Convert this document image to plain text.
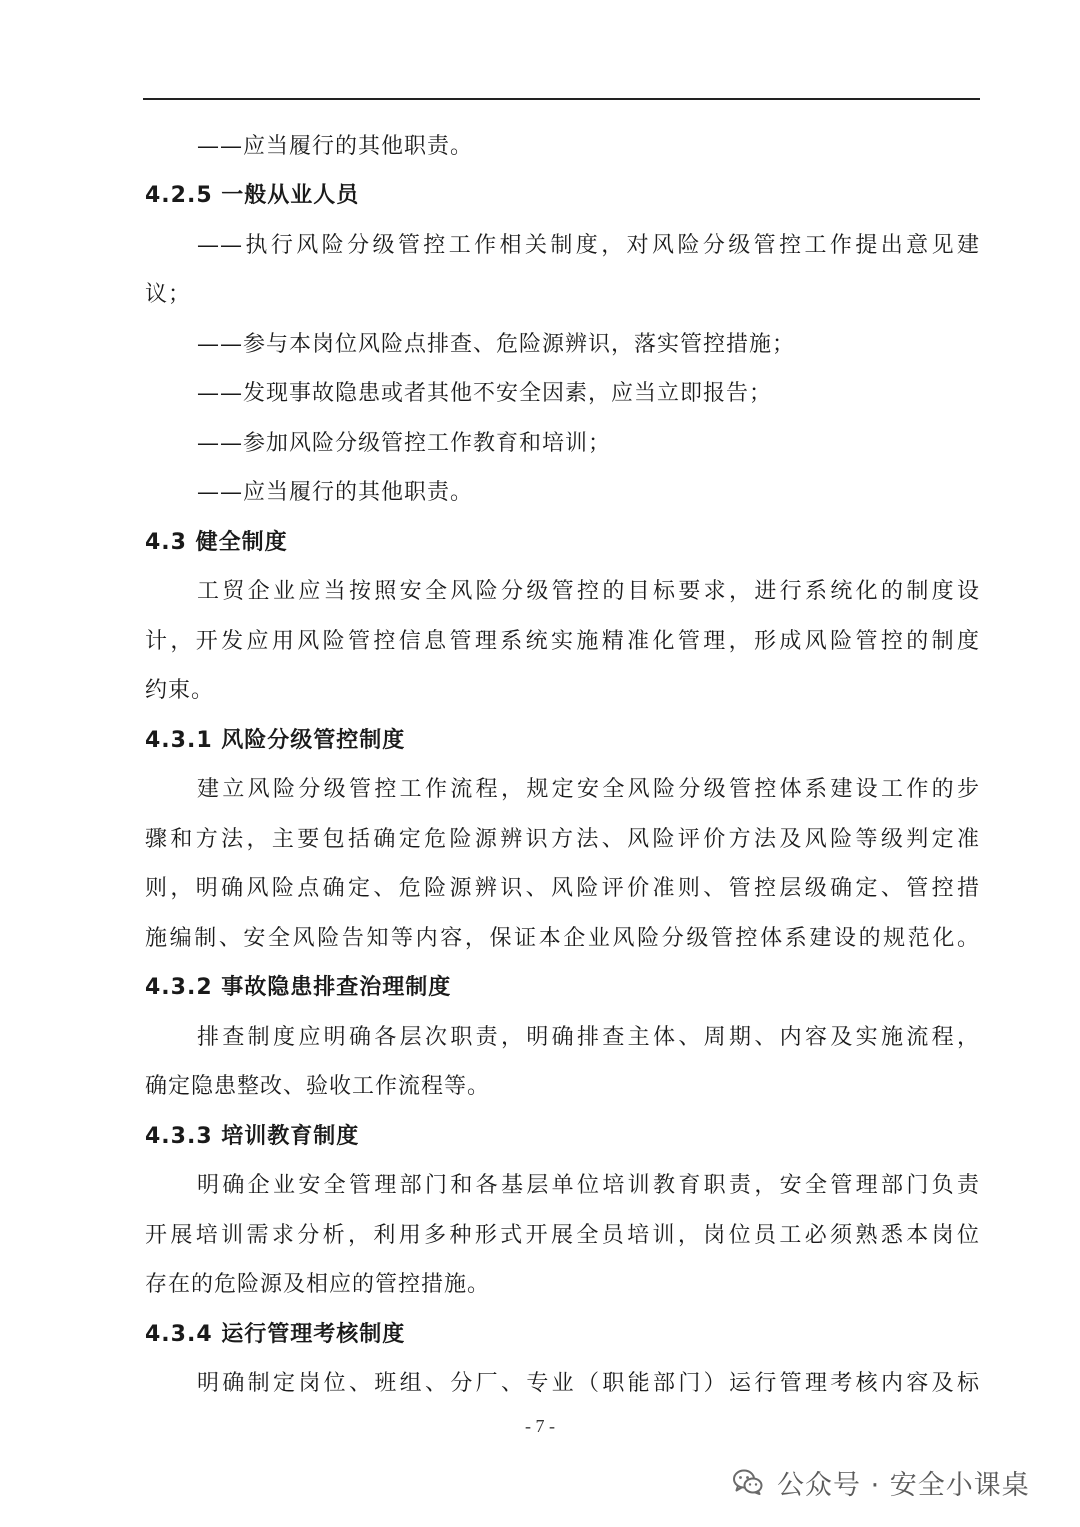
——应当履行的其他职责。
4.2.5 一般从业人员
——执行风险分级管控工作相关制度，对风险分级管控工作提出意见建
议；
——参与本岗位风险点排查、危险源辨识，落实管控措施；
——发现事故隐患或者其他不安全因素，应当立即报告；
——参加风险分级管控工作教育和培训；
——应当履行的其他职责。
4.3 健全制度
工贸企业应当按照安全风险分级管控的目标要求，进行系统化的制度设
计，开发应用风险管控信息管理系统实施精准化管理，形成风险管控的制度
约束。
4.3.1 风险分级管控制度
建立风险分级管控工作流程，规定安全风险分级管控体系建设工作的步
骤和方法，主要包括确定危险源辨识方法、风险评价方法及风险等级判定准
则，明确风险点确定、危险源辨识、风险评价准则、管控层级确定、管控措
施编制、安全风险告知等内容，保证本企业风险分级管控体系建设的规范化。
4.3.2 事故隐患排查治理制度
排查制度应明确各层次职责，明确排查主体、周期、内容及实施流程，
确定隐患整改、验收工作流程等。
4.3.3 培训教育制度
明确企业安全管理部门和各基层单位培训教育职责，安全管理部门负责
开展培训需求分析，利用多种形式开展全员培训，岗位员工必须熟悉本岗位
存在的危险源及相应的管控措施。
4.3.4 运行管理考核制度
明确制定岗位、班组、分厂、专业（职能部门）运行管理考核内容及标
- 7 -
公众号 · 安全小课桌
